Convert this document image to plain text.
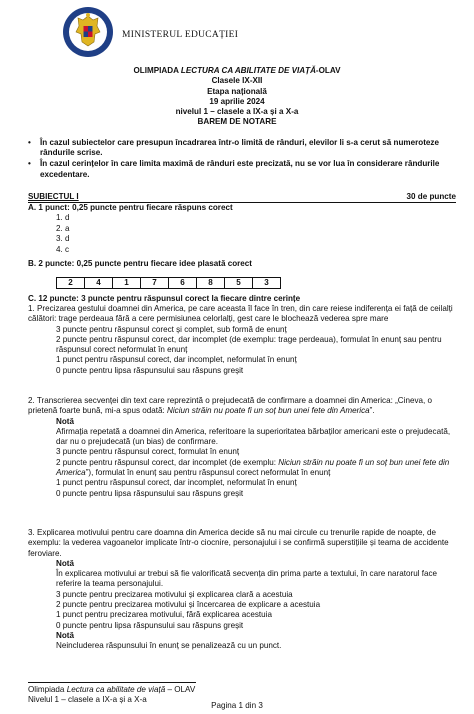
MINISTERUL EDUCAȚIEI
OLIMPIADA LECTURA CA ABILITATE DE VIAȚĂ-OLAV
Clasele IX-XII
Etapa națională
19 aprilie 2024
nivelul 1 – clasele a IX-a și a X-a
BAREM DE NOTARE
• În cazul subiectelor care presupun încadrarea într-o limită de rânduri, elevilor li s-a cerut să numeroteze rândurile scrise.
• În cazul cerințelor în care limita maximă de rânduri este precizată, nu se vor lua în considerare rândurile excedentare.
SUBIECTUL I	30 de puncte
A. 1 punct: 0,25 puncte pentru fiecare răspuns corect
1. d
2. a
3. d
4. c
B. 2 puncte: 0,25 puncte pentru fiecare idee plasată corect
2	4	1	7	6	8	5	3
C. 12 puncte: 3 puncte pentru răspunsul corect la fiecare dintre cerințe

1. Precizarea gestului doamnei din America, pe care aceasta îl face în tren, din care reiese indiferența ei față de ceilalți călători: trage perdeaua fără a cere permisiunea celorlalți, gest care le blochează vederea spre mare

3 puncte pentru răspunsul corect și complet, sub formă de enunț

2 puncte pentru răspunsul corect, dar incomplet (de exemplu: trage perdeaua), formulat în enunț sau pentru răspunsul corect neformulat în enunț

1 punct pentru răspunsul corect, dar incomplet, neformulat în enunț

0 puncte pentru lipsa răspunsului sau răspuns greșit

2. Transcrierea secvenței din text care reprezintă o prejudecată de confirmare a doamnei din America: „Cineva, o prietenă foarte bună, mi-a spus odată: Niciun străin nu poate fi un soț bun unei fete din America”.

Notă

Afirmația repetată a doamnei din America, referitoare la superioritatea bărbaților americani este o prejudecată, dar nu o prejudecată (un bias) de confirmare.

3 puncte pentru răspunsul corect, formulat în enunț

2 puncte pentru răspunsul corect, dar incomplet (de exemplu: Niciun străin nu poate fi un soț bun unei fete din America”), formulat în enunț sau pentru răspunsul corect neformulat în enunț

1 punct pentru răspunsul corect, dar incomplet, neformulat în enunț

0 puncte pentru lipsa răspunsului sau răspuns greșit

3. Explicarea motivului pentru care doamna din America decide să nu mai circule cu trenurile rapide de noapte, de exemplu: la vederea vagoanelor implicate într-o ciocnire, personajului i se confirmă superstițiile și teama de accidente feroviare.

Notă

În explicarea motivului ar trebui să fie valorificată secvența din prima parte a textului, în care naratorul face referire la teama personajului.

3 puncte pentru precizarea motivului și explicarea clară a acestuia

2 puncte pentru precizarea motivului și încercarea de explicare a acestuia

1 punct pentru precizarea motivului, fără explicarea acestuia

0 puncte pentru lipsa răspunsului sau răspuns greșit

Notă

Neincluderea răspunsului în enunț se penalizează cu un punct.

Olimpiada Lectura ca abilitate de viață – OLAV
Nivelul 1 – clasele a IX-a și a X-a
Pagina 1 din 3
